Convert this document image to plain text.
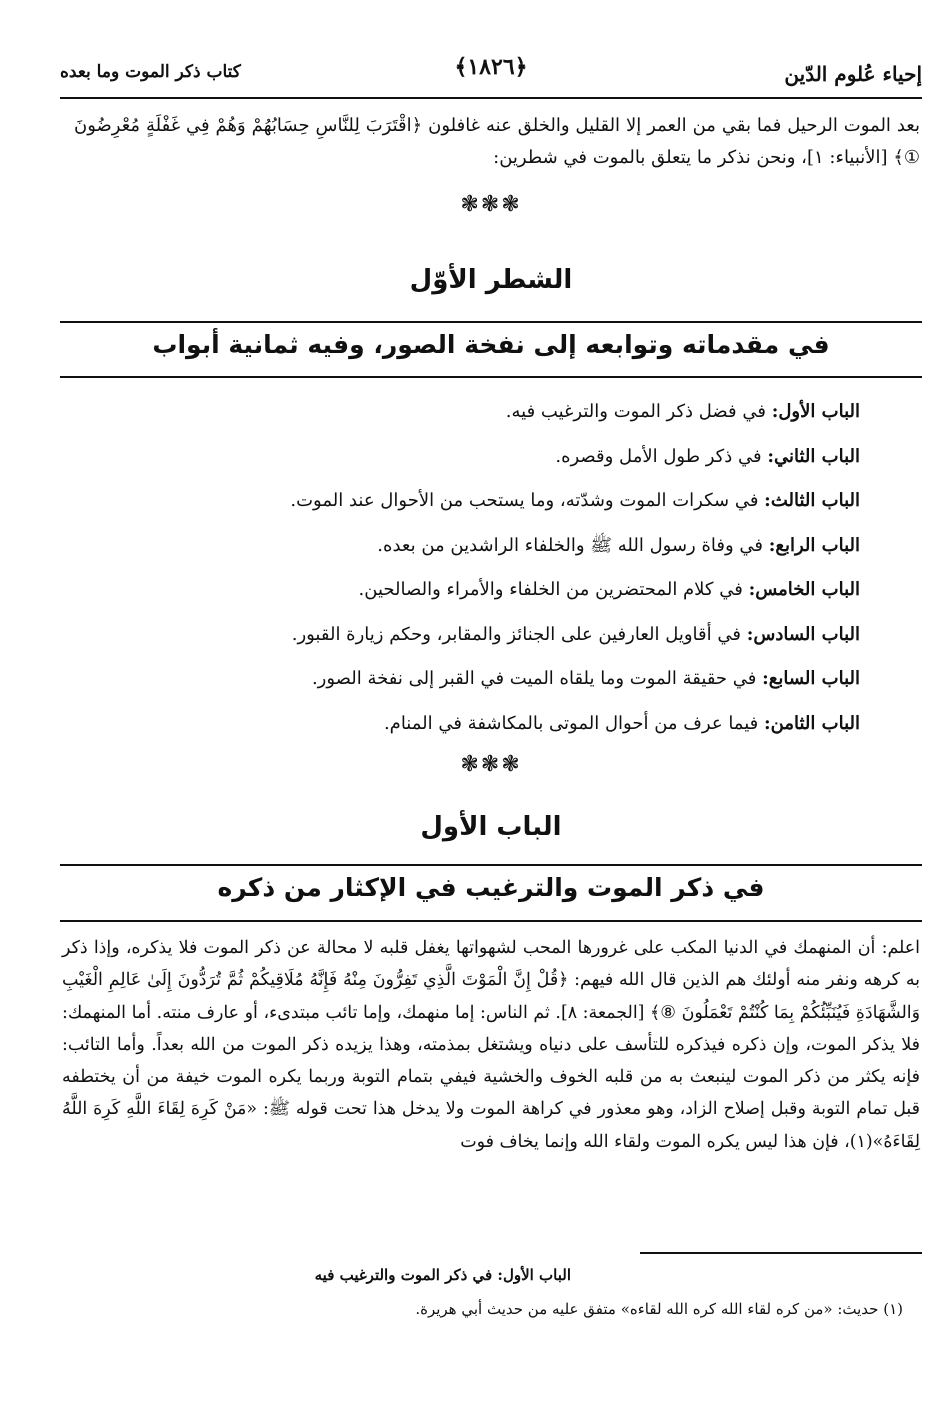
إحياء عُلوم الدّين
﴿١٨٢٦﴾
كتاب ذكر الموت وما بعده
بعد الموت الرحيل فما بقي من العمر إلا القليل والخلق عنه غافلون ﴿اقْتَرَبَ لِلنَّاسِ حِسَابُهُمْ وَهُمْ فِي غَفْلَةٍ مُعْرِضُونَ ①﴾ [الأنبياء: ١]، ونحن نذكر ما يتعلق بالموت في شطرين:
❃❃❃
الشطر الأوّل
في مقدماته وتوابعه إلى نفخة الصور، وفيه ثمانية أبواب
الباب الأول: في فضل ذكر الموت والترغيب فيه.
الباب الثاني: في ذكر طول الأمل وقصره.
الباب الثالث: في سكرات الموت وشدّته، وما يستحب من الأحوال عند الموت.
الباب الرابع: في وفاة رسول الله ﷺ والخلفاء الراشدين من بعده.
الباب الخامس: في كلام المحتضرين من الخلفاء والأمراء والصالحين.
الباب السادس: في أقاويل العارفين على الجنائز والمقابر، وحكم زيارة القبور.
الباب السابع: في حقيقة الموت وما يلقاه الميت في القبر إلى نفخة الصور.
الباب الثامن: فيما عرف من أحوال الموتى بالمكاشفة في المنام.
❃❃❃
الباب الأول
في ذكر الموت والترغيب في الإكثار من ذكره
اعلم: أن المنهمك في الدنيا المكب على غرورها المحب لشهواتها يغفل قلبه لا محالة عن ذكر الموت فلا يذكره، وإذا ذكر به كرهه ونفر منه أولئك هم الذين قال الله فيهم: ﴿قُلْ إِنَّ الْمَوْتَ الَّذِي تَفِرُّونَ مِنْهُ فَإِنَّهُ مُلَاقِيكُمْ ثُمَّ تُرَدُّونَ إِلَىٰ عَالِمِ الْغَيْبِ وَالشَّهَادَةِ فَيُنَبِّئُكُمْ بِمَا كُنْتُمْ تَعْمَلُونَ ⑧﴾ [الجمعة: ٨]. ثم الناس: إما منهمك، وإما تائب مبتدىء، أو عارف منته. أما المنهمك: فلا يذكر الموت، وإن ذكره فيذكره للتأسف على دنياه ويشتغل بمذمته، وهذا يزيده ذكر الموت من الله بعداً. وأما التائب: فإنه يكثر من ذكر الموت لينبعث به من قلبه الخوف والخشية فيفي بتمام التوبة وربما يكره الموت خيفة من أن يختطفه قبل تمام التوبة وقبل إصلاح الزاد، وهو معذور في كراهة الموت ولا يدخل هذا تحت قوله ﷺ: «مَنْ كَرِهَ لِقَاءَ اللَّهِ كَرِهَ اللَّهُ لِقَاءَهُ»(١)، فإن هذا ليس يكره الموت ولقاء الله وإنما يخاف فوت
الباب الأول: في ذكر الموت والترغيب فيه
(١) حديث: «من كره لقاء الله كره الله لقاءه» متفق عليه من حديث أبي هريرة.
